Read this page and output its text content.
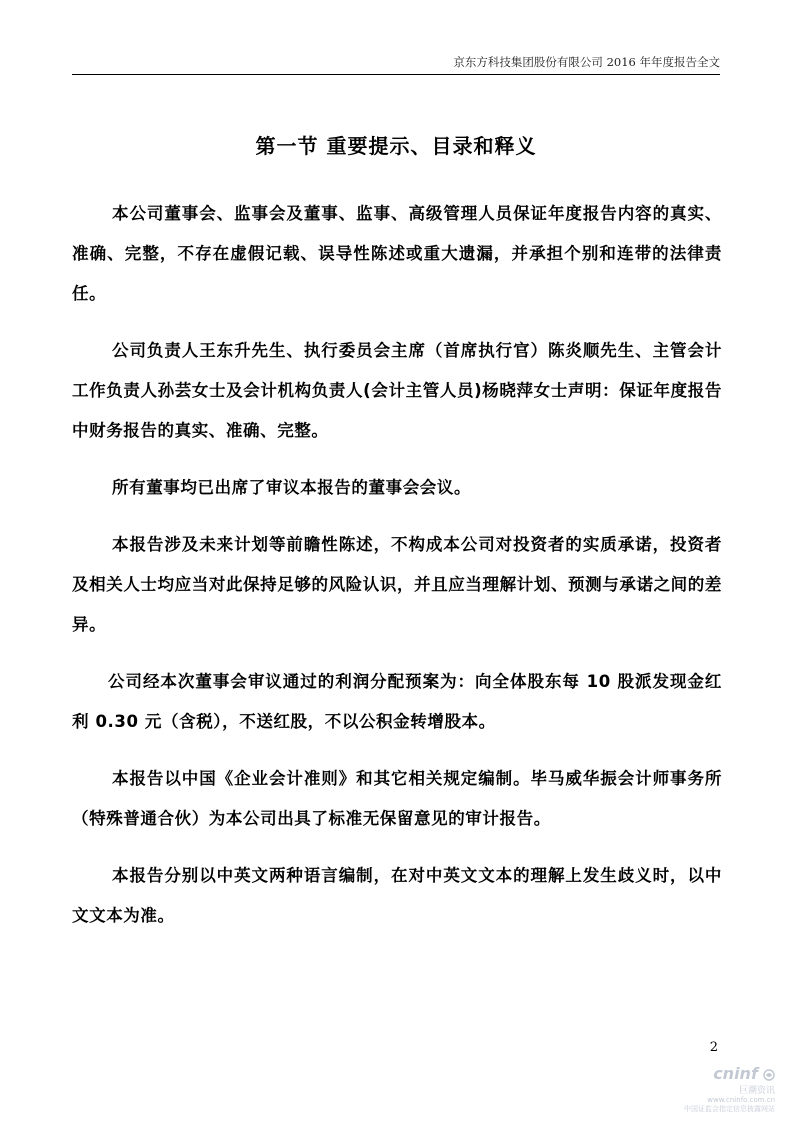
京东方科技集团股份有限公司 2016 年年度报告全文
第一节 重要提示、目录和释义

本公司董事会、监事会及董事、监事、高级管理人员保证年度报告内容的真实、准确、完整，不存在虚假记载、误导性陈述或重大遗漏，并承担个别和连带的法律责任。

公司负责人王东升先生、执行委员会主席（首席执行官）陈炎顺先生、主管会计工作负责人孙芸女士及会计机构负责人(会计主管人员)杨晓萍女士声明：保证年度报告中财务报告的真实、准确、完整。

所有董事均已出席了审议本报告的董事会会议。

本报告涉及未来计划等前瞻性陈述，不构成本公司对投资者的实质承诺，投资者及相关人士均应当对此保持足够的风险认识，并且应当理解计划、预测与承诺之间的差异。

公司经本次董事会审议通过的利润分配预案为：向全体股东每 10 股派发现金红利 0.30 元（含税），不送红股，不以公积金转增股本。

本报告以中国《企业会计准则》和其它相关规定编制。毕马威华振会计师事务所（特殊普通合伙）为本公司出具了标准无保留意见的审计报告。

本报告分别以中英文两种语言编制，在对中英文文本的理解上发生歧义时，以中文文本为准。

2
cninf
巨潮资讯
www.cninfo.com.cn
中国证监会指定信息披露网站
